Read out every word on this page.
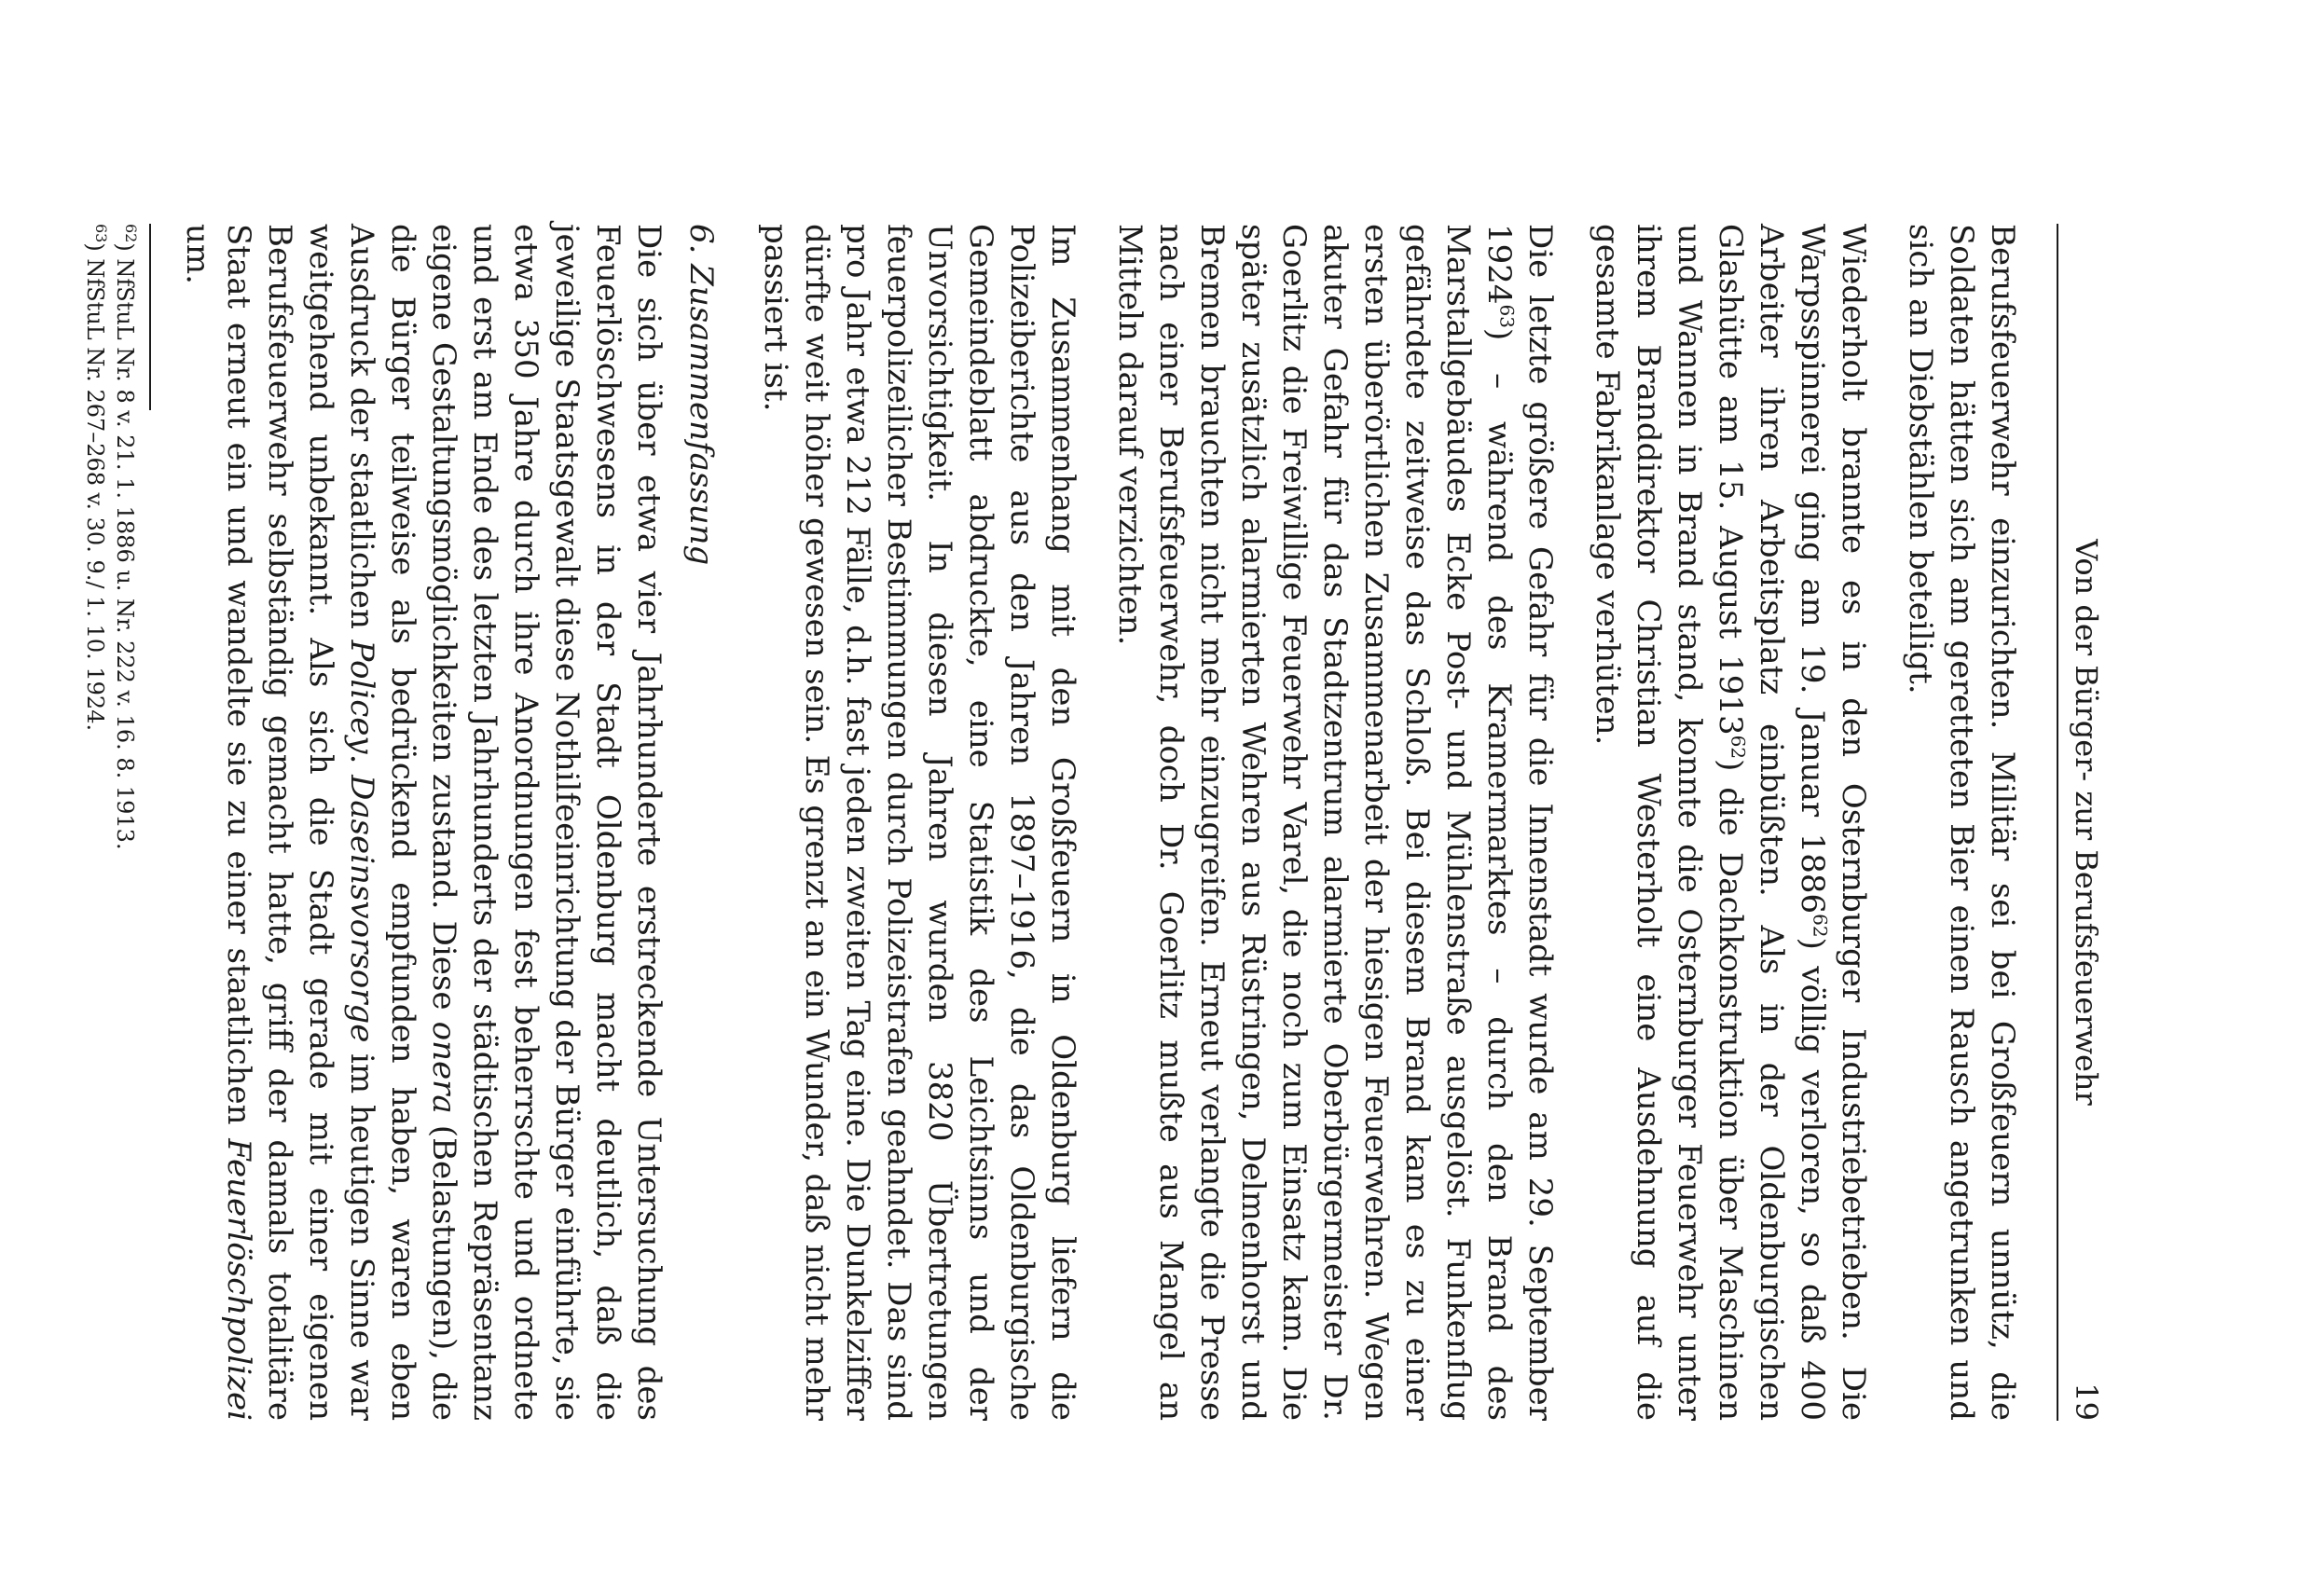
Von der Bürger- zur Berufsfeuerwehr
19

Berufsfeuerwehr einzurichten. Militär sei bei Großfeuern unnütz, die Soldaten hätten sich am geretteten Bier einen Rausch angetrunken und sich an Diebstählen beteiligt.

Wiederholt brannte es in den Osternburger Industriebetrieben. Die Warpsspinnerei ging am 19. Januar 1886$^{62}$) völlig verloren, so daß 400 Arbeiter ihren Arbeitsplatz einbüßten. Als in der Oldenburgischen Glashütte am 15. August 1913$^{62}$) die Dachkonstruktion über Maschinen und Wannen in Brand stand, konnte die Osternburger Feuerwehr unter ihrem Branddirektor Christian Westerholt eine Ausdehnung auf die gesamte Fabrikanlage verhüten.

Die letzte größere Gefahr für die Innenstadt wurde am 29. September 1924$^{63}$) – während des Kramermarktes – durch den Brand des Marstallgebäudes Ecke Post- und Mühlenstraße ausgelöst. Funkenflug gefährdete zeitweise das Schloß. Bei diesem Brand kam es zu einer ersten überörtlichen Zusammenarbeit der hiesigen Feuerwehren. Wegen akuter Gefahr für das Stadtzentrum alarmierte Oberbürgermeister Dr. Goerlitz die Freiwillige Feuerwehr Varel, die noch zum Einsatz kam. Die später zusätzlich alarmierten Wehren aus Rüstringen, Delmenhorst und Bremen brauchten nicht mehr einzugreifen. Erneut verlangte die Presse nach einer Berufsfeuerwehr, doch Dr. Goerlitz mußte aus Mangel an Mitteln darauf verzichten.

Im Zusammenhang mit den Großfeuern in Oldenburg liefern die Polizeiberichte aus den Jahren 1897–1916, die das Oldenburgische Gemeindeblatt abdruckte, eine Statistik des Leichtsinns und der Unvorsichtigkeit. In diesen Jahren wurden 3820 Übertretungen feuerpolizeilicher Bestimmungen durch Polizeistrafen geahndet. Das sind pro Jahr etwa 212 Fälle, d.h. fast jeden zweiten Tag eine. Die Dunkelziffer dürfte weit höher gewesen sein. Es grenzt an ein Wunder, daß nicht mehr passiert ist.

6. Zusammenfassung

Die sich über etwa vier Jahrhunderte erstreckende Untersuchung des Feuerlöschwesens in der Stadt Oldenburg macht deutlich, daß die jeweilige Staatsgewalt diese Nothilfeeinrichtung der Bürger einführte, sie etwa 350 Jahre durch ihre Anordnungen fest beherrschte und ordnete und erst am Ende des letzten Jahrhunderts der städtischen Repräsentanz eigene Gestaltungsmöglichkeiten zustand. Diese onera (Belastungen), die die Bürger teilweise als bedrückend empfunden haben, waren eben Ausdruck der staatlichen Policey. Daseinsvorsorge im heutigen Sinne war weitgehend unbekannt. Als sich die Stadt gerade mit einer eigenen Berufsfeuerwehr selbständig gemacht hatte, griff der damals totalitäre Staat erneut ein und wandelte sie zu einer staatlichen Feuerlöschpolizei um.

$^{62}$) NfStuL Nr. 8 v. 21. 1. 1886 u. Nr. 222 v. 16. 8. 1913.

$^{63}$) NfStuL Nr. 267–268 v. 30. 9./ 1. 10. 1924.
